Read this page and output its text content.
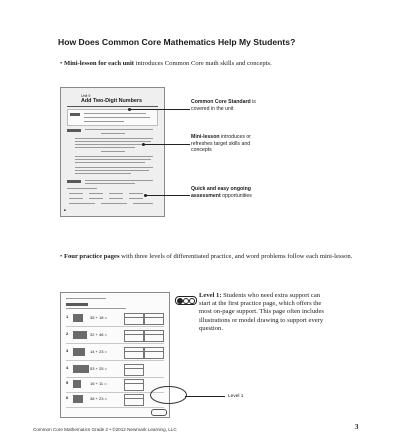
How Does Common Core Mathematics Help My Students?
• Mini-lesson for each unit introduces Common Core math skills and concepts.
Unit 9
Add Two-Digit Numbers
■
Common Core Standard is covered in the unit
Mini-lesson introduces or refreshes target skills and concepts
Quick and easy ongoing assessment opportunities
• Four practice pages with three levels of differentiated practice, and word problems follow each mini-lesson.
1	35 + 18 =
2	32 + 46 =
3	14 + 23 =
4	53 + 25 =
5	16 + 11 =
6	38 + 23 =
Level 1: Students who need extra support can start at the first practice page, which offers the most on-page support. This page often includes illustrations or model drawing to support every question.
Level 1
Common Core Mathematics Grade 2 • ©2012 Newmark Learning, LLC	3
